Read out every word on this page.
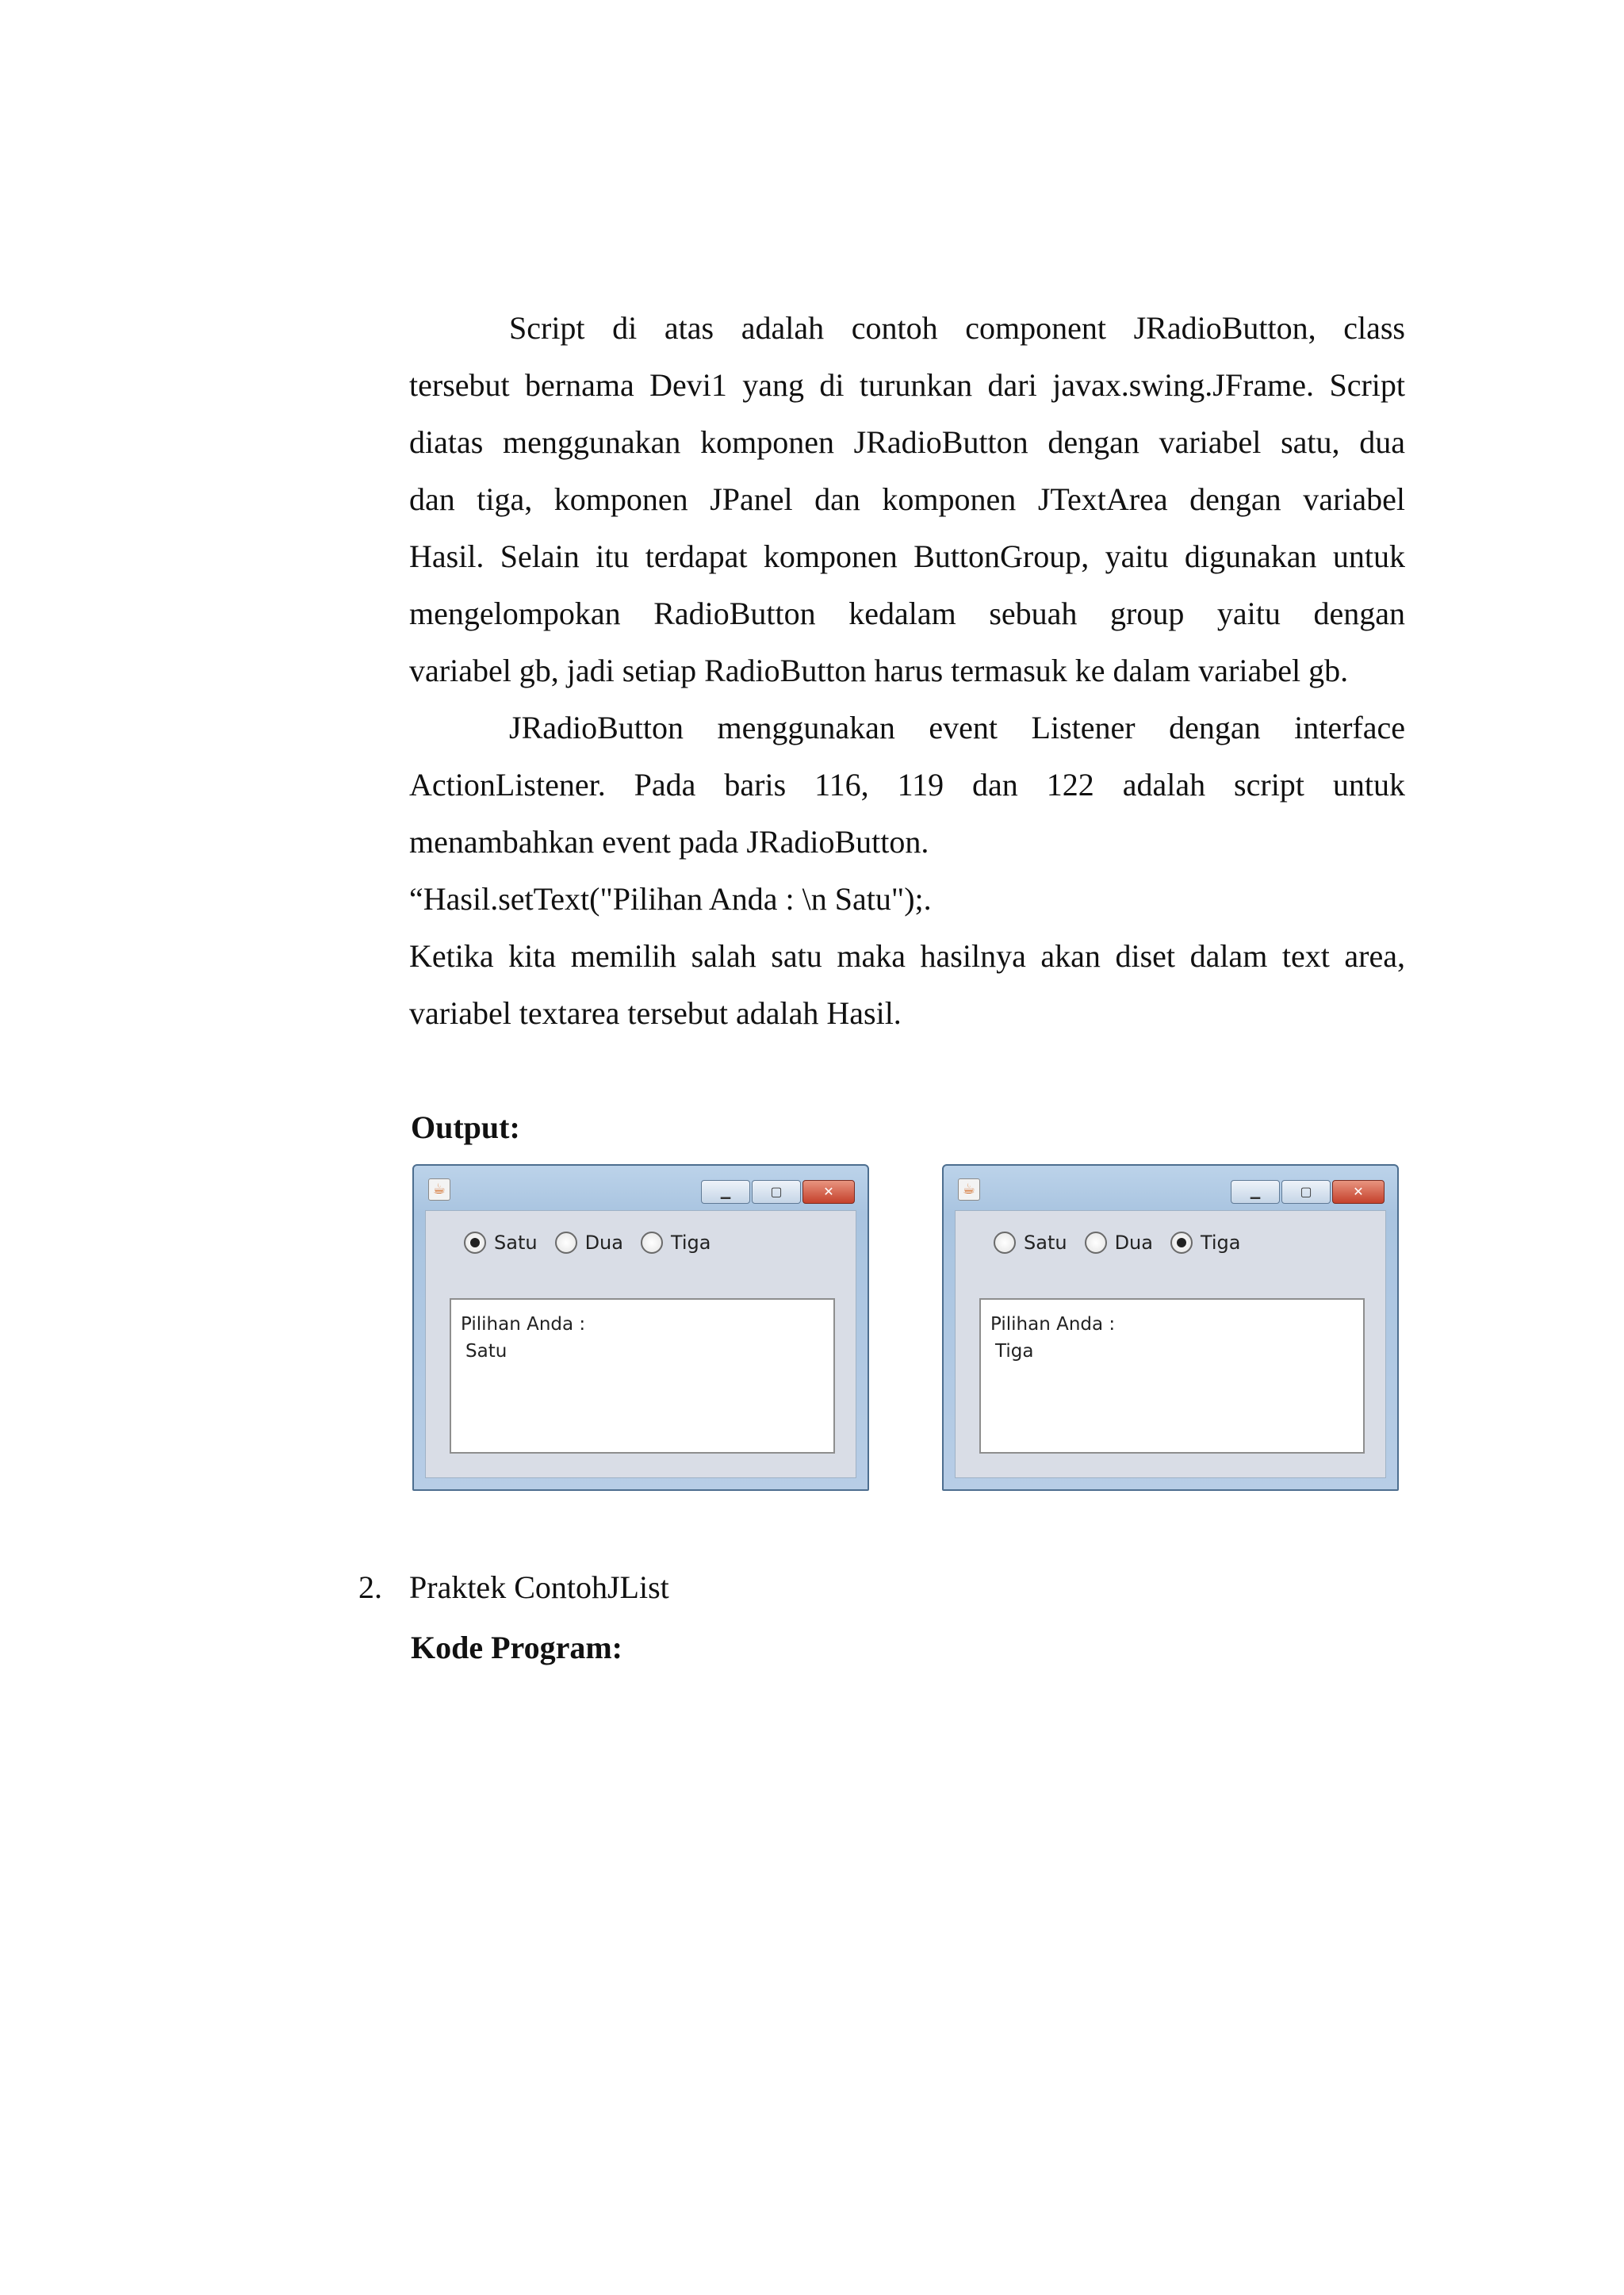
Script di atas adalah contoh component JRadioButton, class
tersebut bernama Devi1 yang di turunkan dari javax.swing.JFrame. Script
diatas menggunakan komponen JRadioButton dengan variabel satu, dua
dan tiga, komponen JPanel dan komponen JTextArea dengan variabel
Hasil. Selain itu terdapat komponen ButtonGroup, yaitu digunakan untuk
mengelompokan RadioButton kedalam sebuah group yaitu dengan
variabel gb, jadi setiap RadioButton harus termasuk ke dalam variabel gb.
JRadioButton menggunakan event Listener dengan interface
ActionListener. Pada baris 116, 119 dan 122 adalah script untuk
menambahkan event pada JRadioButton.

“Hasil.setText("Pilihan Anda : \n Satu");.

Ketika kita memilih salah satu maka hasilnya akan diset dalam text area,
variabel textarea tersebut adalah Hasil.

Output:

☕	▁	▢	✕
Satu	Dua	Tiga
Pilihan Anda :
Satu
☕	▁	▢	✕
Satu	Dua	Tiga
Pilihan Anda :
Tiga

2. Praktek ContohJList

Kode Program:
